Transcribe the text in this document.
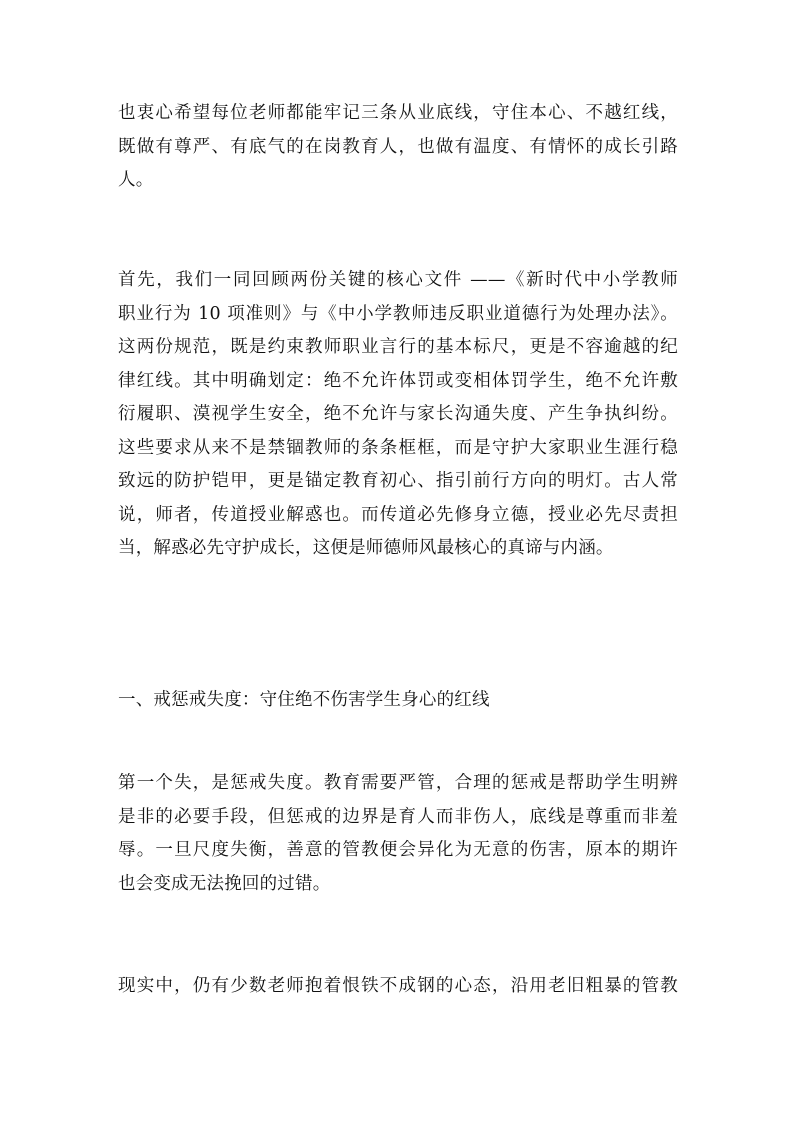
也衷心希望每位老师都能牢记三条从业底线，守住本心、不越红线，
既做有尊严、有底气的在岗教育人，也做有温度、有情怀的成长引路
人。
首先，我们一同回顾两份关键的核心文件 ——《新时代中小学教师
职业行为 10 项准则》与《中小学教师违反职业道德行为处理办法》。
这两份规范，既是约束教师职业言行的基本标尺，更是不容逾越的纪
律红线。其中明确划定：绝不允许体罚或变相体罚学生，绝不允许敷
衍履职、漠视学生安全，绝不允许与家长沟通失度、产生争执纠纷。
这些要求从来不是禁锢教师的条条框框，而是守护大家职业生涯行稳
致远的防护铠甲，更是锚定教育初心、指引前行方向的明灯。古人常
说，师者，传道授业解惑也。而传道必先修身立德，授业必先尽责担
当，解惑必先守护成长，这便是师德师风最核心的真谛与内涵。
一、戒惩戒失度：守住绝不伤害学生身心的红线
第一个失，是惩戒失度。教育需要严管，合理的惩戒是帮助学生明辨
是非的必要手段，但惩戒的边界是育人而非伤人，底线是尊重而非羞
辱。一旦尺度失衡，善意的管教便会异化为无意的伤害，原本的期许
也会变成无法挽回的过错。
现实中，仍有少数老师抱着恨铁不成钢的心态，沿用老旧粗暴的管教
